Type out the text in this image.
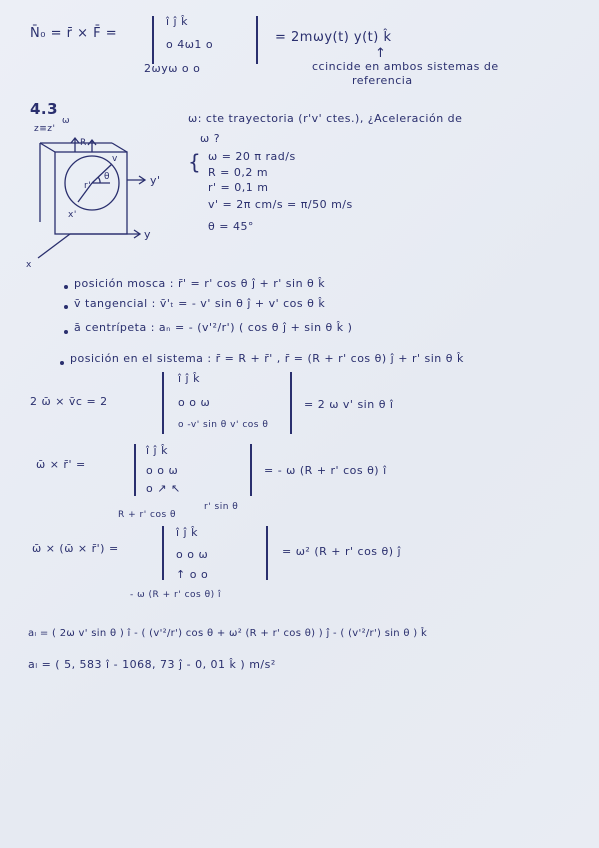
N̄₀ = r̄ × F̄ =
î ĵ k̂
o 4ω1 o
2ωyω o o
= 2mωy(t) y(t) k̂
↑
ccincide en ambos sistemas de
referencia
4.3
z≡z'
ω
R
v
r'
θ	y'
x'
y
x
ω: cte trayectoria (r'v' ctes.), ¿Aceleración de
ω ?
{ ω = 20 π rad/s
R = 0,2 m
r' = 0,1 m
v' = 2π cm/s = π/50 m/s
θ = 45°
posición mosca : r̄' = r' cos θ ĵ + r' sin θ k̂
v̄ tangencial : v̄'ₜ = - v' sin θ ĵ + v' cos θ k̂
ā centrípeta : aₙ = - (v'²/r') ( cos θ ĵ + sin θ k̂ )
posición en el sistema : r̄ = R + r̄' , r̄ = (R + r' cos θ) ĵ + r' sin θ k̂
2 ω̄ × v̄c = 2
î ĵ k̂
o o ω
o -v' sin θ v' cos θ
= 2 ω v' sin θ î
ω̄ × r̄' =
î ĵ k̂
o o ω
o ↗ ↖
= - ω (R + r' cos θ) î
R + r' cos θ
r' sin θ
ω̄ × (ω̄ × r̄') =
î ĵ k̂
o o ω
↑ o o
= ω² (R + r' cos θ) ĵ
- ω (R + r' cos θ) î
aₗ = ( 2ω v' sin θ ) î - ( (v'²/r') cos θ + ω² (R + r' cos θ) ) ĵ - ( (v'²/r') sin θ ) k̂
aₗ = ( 5, 583 î - 1068, 73 ĵ - 0, 01 k̂ ) m/s²
